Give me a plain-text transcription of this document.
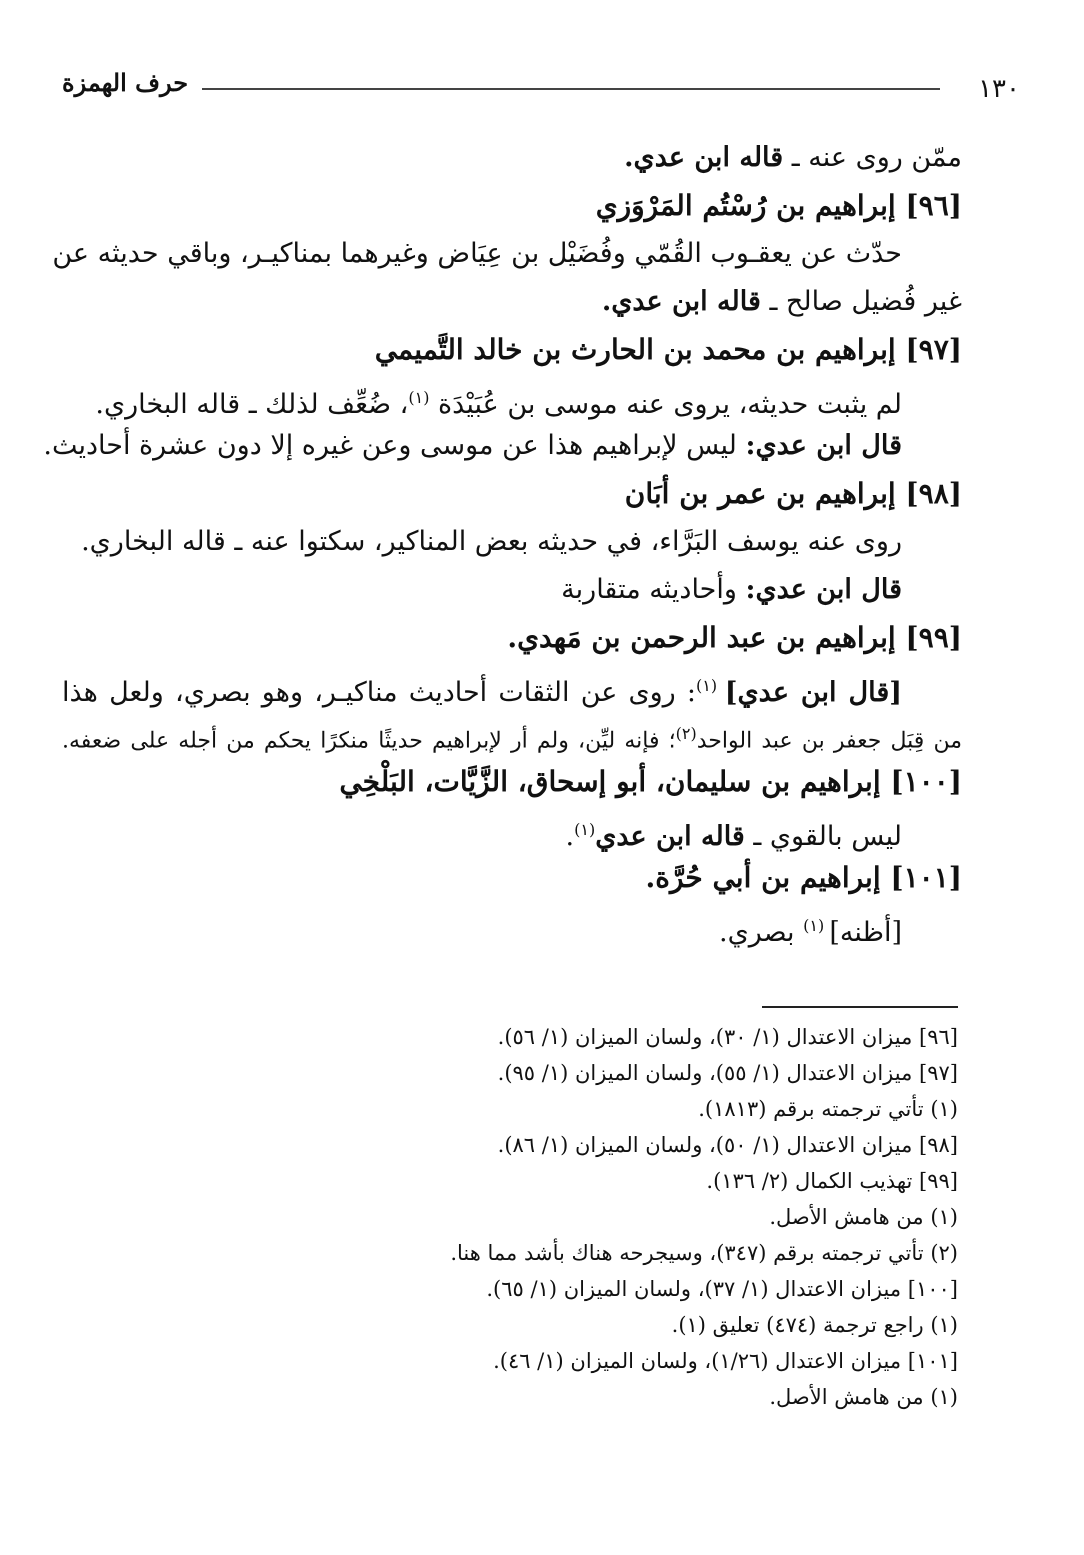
١٣٠
حرف الهمزة
ممّن روى عنه ـ قاله ابن عدي.
[٩٦] إبراهيم بن رُسْتُم المَرْوَزي
حدّث عن يعقـوب القُمّي وفُضَيْل بن عِيَاض وغيرهما بمناكيـر، وباقي حديثه عن
غير فُضيل صالح ـ قاله ابن عدي.
[٩٧] إبراهيم بن محمد بن الحارث بن خالد التَّميمي
لم يثبت حديثه، يروى عنه موسى بن عُبَيْدَة $^{(١)}$، ضُعِّف لذلك ـ قاله البخاري.
قال ابن عدي: ليس لإبراهيم هذا عن موسى وعن غيره إلا دون عشرة أحاديث.
[٩٨] إبراهيم بن عمر بن أبَان
روى عنه يوسف البَرَّاء، في حديثه بعض المناكير، سكتوا عنه ـ قاله البخاري.
قال ابن عدي: وأحاديثه متقاربة
[٩٩] إبراهيم بن عبد الرحمن بن مَهدي.
[قال ابن عدي] $^{(١)}$: روى عن الثقات أحاديث مناكيـر، وهو بصري، ولعل هذا
من قِبَل جعفر بن عبد الواحد$^{(٢)}$؛ فإنه ليِّن، ولم أر لإبراهيم حديثًا منكرًا يحكم من أجله على ضعفه.
[١٠٠] إبراهيم بن سليمان، أبو إسحاق، الزَّيَّات، البَلْخِي
ليس بالقوي ـ قاله ابن عدي$^{(١)}$.
[١٠١] إبراهيم بن أبي حُرَّة.
[أظنه] $^{(١)}$ بصري.
[٩٦] ميزان الاعتدال (١/ ٣٠)، ولسان الميزان (١/ ٥٦).
[٩٧] ميزان الاعتدال (١/ ٥٥)، ولسان الميزان (١/ ٩٥).
(١) تأتي ترجمته برقم (١٨١٣).
[٩٨] ميزان الاعتدال (١/ ٥٠)، ولسان الميزان (١/ ٨٦).
[٩٩] تهذيب الكمال (٢/ ١٣٦).
(١) من هامش الأصل.
(٢) تأتي ترجمته برقم (٣٤٧)، وسيجرحه هناك بأشد مما هنا.
[١٠٠] ميزان الاعتدال (١/ ٣٧)، ولسان الميزان (١/ ٦٥).
(١) راجع ترجمة (٤٧٤) تعليق (١).
[١٠١] ميزان الاعتدال (١/٢٦)، ولسان الميزان (١/ ٤٦).
(١) من هامش الأصل.
